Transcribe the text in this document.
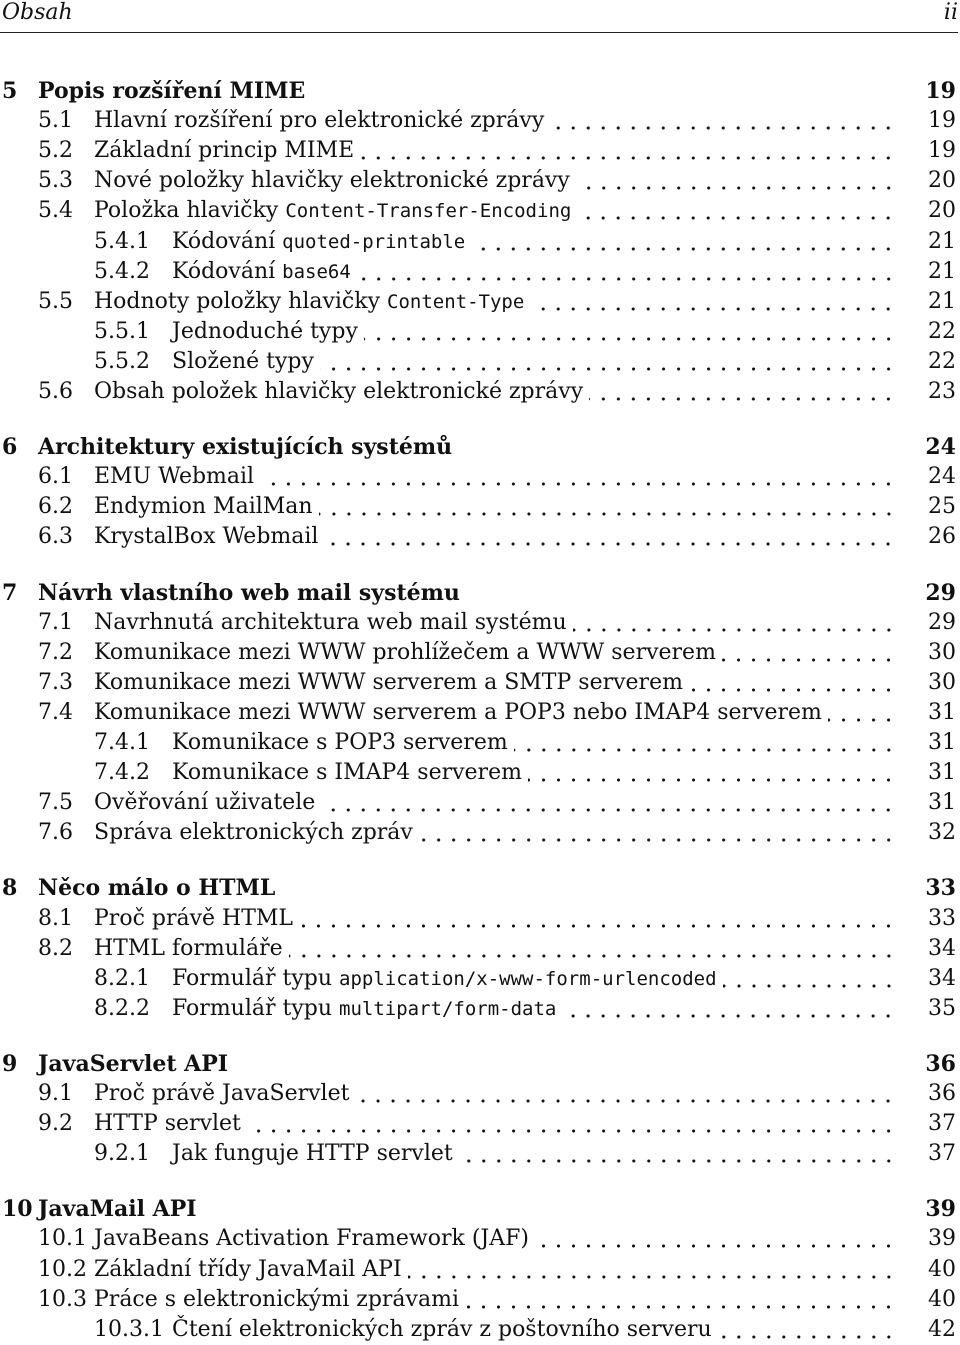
Obsah	ii
5 Popis rozšíření MIME	19
5.1 Hlavní rozšíření pro elektronické zprávy	19
5.2 Základní princip MIME	19
5.3 Nové položky hlavičky elektronické zprávy	20
5.4 Položka hlavičky Content-Transfer-Encoding	20
5.4.1 Kódování quoted-printable	21
5.4.2 Kódování base64	21
5.5 Hodnoty položky hlavičky Content-Type	21
5.5.1 Jednoduché typy	22
5.5.2 Složené typy	22
5.6 Obsah položek hlavičky elektronické zprávy	23
6 Architektury existujících systémů	24
6.1 EMU Webmail	24
6.2 Endymion MailMan	25
6.3 KrystalBox Webmail	26
7 Návrh vlastního web mail systému	29
7.1 Navrhnutá architektura web mail systému	29
7.2 Komunikace mezi WWW prohlížečem a WWW serverem	30
7.3 Komunikace mezi WWW serverem a SMTP serverem	30
7.4 Komunikace mezi WWW serverem a POP3 nebo IMAP4 serverem	31
7.4.1 Komunikace s POP3 serverem	31
7.4.2 Komunikace s IMAP4 serverem	31
7.5 Ověřování uživatele	31
7.6 Správa elektronických zpráv	32
8 Něco málo o HTML	33
8.1 Proč právě HTML	33
8.2 HTML formuláře	34
8.2.1 Formulář typu application/x-www-form-urlencoded	34
8.2.2 Formulář typu multipart/form-data	35
9 JavaServlet API	36
9.1 Proč právě JavaServlet	36
9.2 HTTP servlet	37
9.2.1 Jak funguje HTTP servlet	37
10 JavaMail API	39
10.1 JavaBeans Activation Framework (JAF)	39
10.2 Základní třídy JavaMail API	40
10.3 Práce s elektronickými zprávami	40
10.3.1 Čtení elektronických zpráv z poštovního serveru	42
